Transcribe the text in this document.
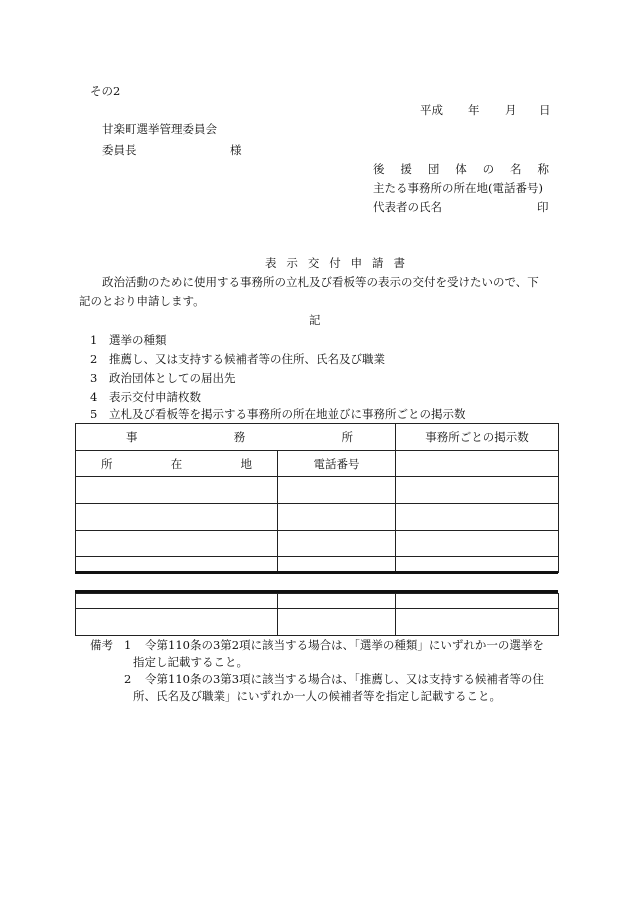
その2
平成 年 月 日
甘楽町選挙管理委員会
委員長	様
後 援 団 体 の 名 称
主たる事務所の所在地(電話番号)
代表者の氏名	印
表 示 交 付 申 請 書
政治活動のために使用する事務所の立札及び看板等の表示の交付を受けたいので、下
記のとおり申請します。
記
1 選挙の種類
2 推薦し、又は支持する候補者等の住所、氏名及び職業
3 政治団体としての届出先
4 表示交付申請枚数
5 立札及び看板等を掲示する事務所の所在地並びに事務所ごとの掲示数
事 務 所		事務所ごとの掲示数

所 在 地	電話番号	

備考 1 令第110条の3第2項に該当する場合は、「選挙の種類」にいずれか一の選挙を
指定し記載すること。
2 令第110条の3第3項に該当する場合は、「推薦し、又は支持する候補者等の住
所、氏名及び職業」にいずれか一人の候補者等を指定し記載すること。
